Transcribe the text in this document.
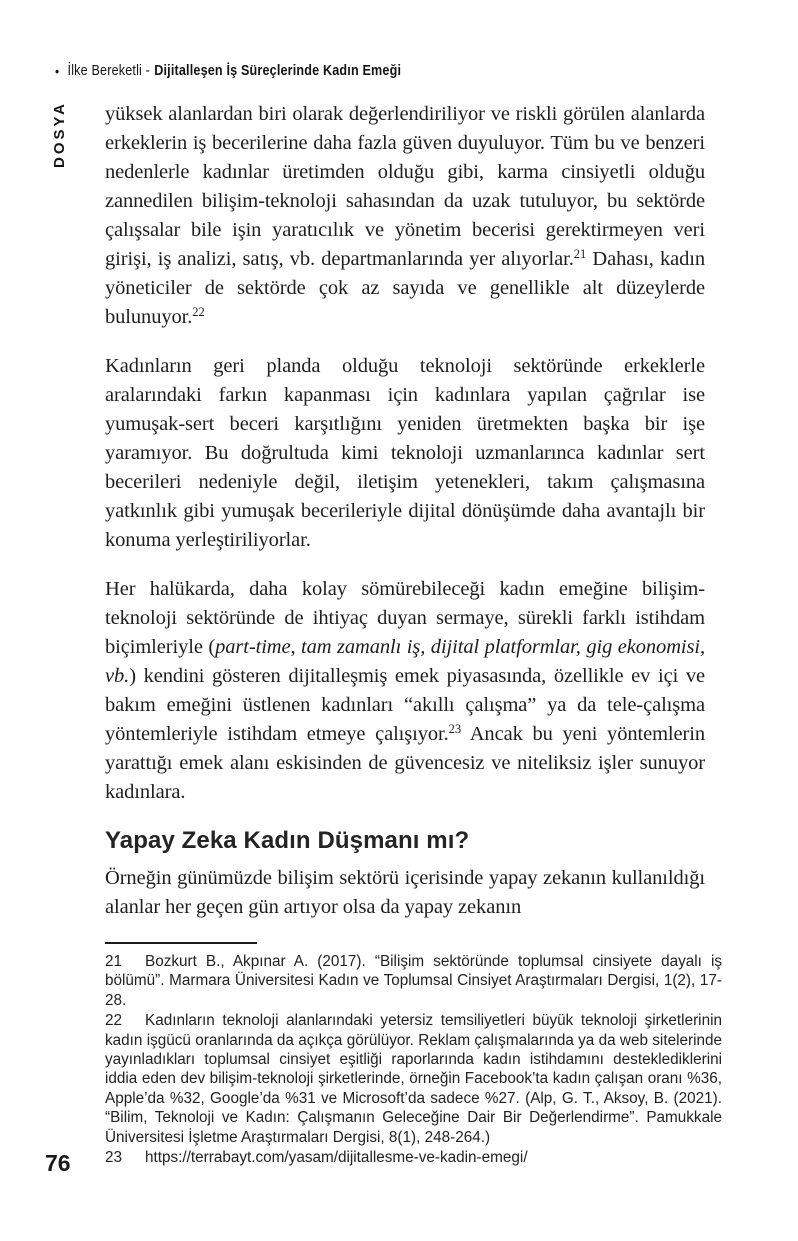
• İlke Bereketli - Dijitalleşen İş Süreçlerinde Kadın Emeği
DOSYA yüksek alanlardan biri olarak değerlendiriliyor ve riskli görülen alanlarda erkeklerin iş becerilerine daha fazla güven duyuluyor. Tüm bu ve benzeri nedenlerle kadınlar üretimden olduğu gibi, karma cinsiyetli olduğu zannedilen bilişim-teknoloji sahasından da uzak tutuluyor, bu sektörde çalışsalar bile işin yaratıcılık ve yönetim becerisi gerektirmeyen veri girişi, iş analizi, satış, vb. departmanlarında yer alıyorlar.$^{21}$ Dahası, kadın yöneticiler de sektörde çok az sayıda ve genellikle alt düzeylerde bulunuyor.$^{22}$

Kadınların geri planda olduğu teknoloji sektöründe erkeklerle aralarındaki farkın kapanması için kadınlara yapılan çağrılar ise yumuşak-sert beceri karşıtlığını yeniden üretmekten başka bir işe yaramıyor. Bu doğrultuda kimi teknoloji uzmanlarınca kadınlar sert becerileri nedeniyle değil, iletişim yetenekleri, takım çalışmasına yatkınlık gibi yumuşak becerileriyle dijital dönüşümde daha avantajlı bir konuma yerleştiriliyorlar.

Her halükarda, daha kolay sömürebileceği kadın emeğine bilişim-teknoloji sektöründe de ihtiyaç duyan sermaye, sürekli farklı istihdam biçimleriyle (part-time, tam zamanlı iş, dijital platformlar, gig ekonomisi, vb.) kendini gösteren dijitalleşmiş emek piyasasında, özellikle ev içi ve bakım emeğini üstlenen kadınları “akıllı çalışma” ya da tele-çalışma yöntemleriyle istihdam etmeye çalışıyor.$^{23}$ Ancak bu yeni yöntemlerin yarattığı emek alanı eskisinden de güvencesiz ve niteliksiz işler sunuyor kadınlara.

Yapay Zeka Kadın Düşmanı mı?

Örneğin günümüzde bilişim sektörü içerisinde yapay zekanın kullanıldığı alanlar her geçen gün artıyor olsa da yapay zekanın

21 Bozkurt B., Akpınar A. (2017). “Bilişim sektöründe toplumsal cinsiyete dayalı iş bölümü”. Marmara Üniversitesi Kadın ve Toplumsal Cinsiyet Araştırmaları Dergisi, 1(2), 17-28.

22 Kadınların teknoloji alanlarındaki yetersiz temsiliyetleri büyük teknoloji şirketlerinin kadın işgücü oranlarında da açıkça görülüyor. Reklam çalışmalarında ya da web sitelerinde yayınladıkları toplumsal cinsiyet eşitliği raporlarında kadın istihdamını desteklediklerini iddia eden dev bilişim-teknoloji şirketlerinde, örneğin Facebook’ta kadın çalışan oranı %36, Apple’da %32, Google’da %31 ve Microsoft’da sadece %27. (Alp, G. T., Aksoy, B. (2021). “Bilim, Teknoloji ve Kadın: Çalışmanın Geleceğine Dair Bir Değerlendirme”. Pamukkale Üniversitesi İşletme Araştırmaları Dergisi, 8(1), 248-264.)

23 https://terrabayt.com/yasam/dijitallesme-ve-kadin-emegi/

76
